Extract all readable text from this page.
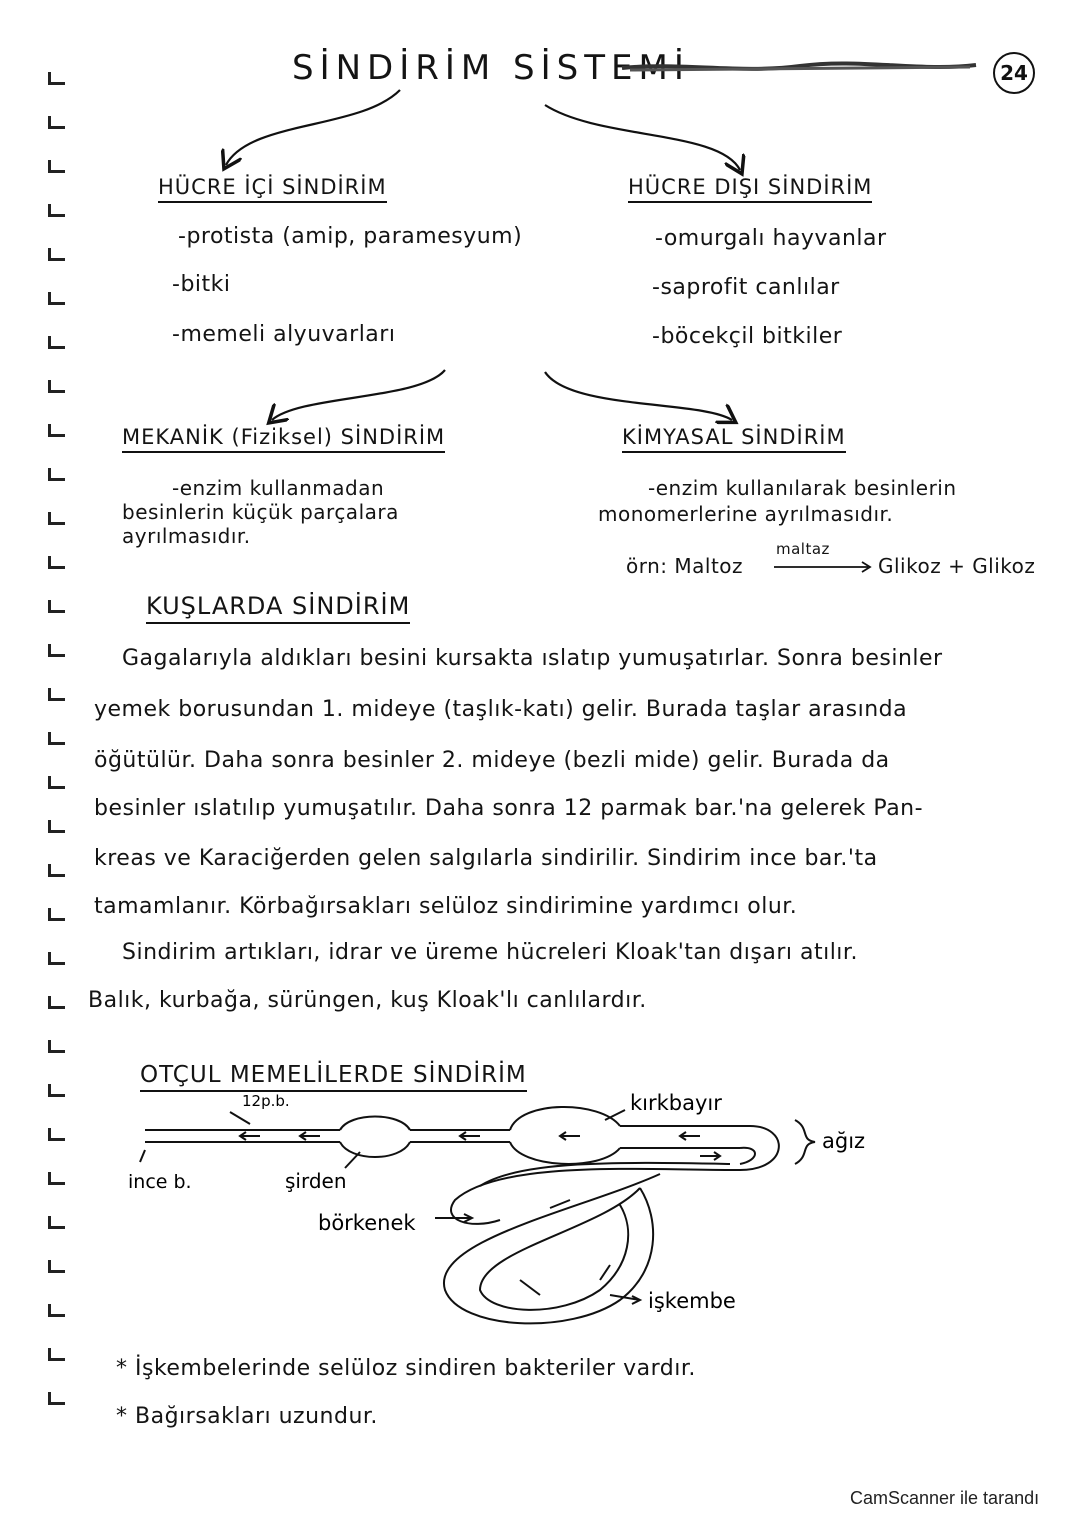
SİNDİRİM SİSTEMİ	24
HÜCRE İÇİ SİNDİRİM
-protista (amip, paramesyum)
-bitki
-memeli alyuvarları
HÜCRE DIŞI SİNDİRİM
-omurgalı hayvanlar
-saprofit canlılar
-böcekçil bitkiler
MEKANİK (Fiziksel) SİNDİRİM
-enzim kullanmadan
besinlerin küçük parçalara
ayrılmasıdır.
KİMYASAL SİNDİRİM
-enzim kullanılarak besinlerin
monomerlerine ayrılmasıdır.
örn: Maltoz
maltaz
Glikoz + Glikoz
KUŞLARDA SİNDİRİM
Gagalarıyla aldıkları besini kursakta ıslatıp yumuşatırlar. Sonra besinler
yemek borusundan 1. mideye (taşlık-katı) gelir. Burada taşlar arasında
öğütülür. Daha sonra besinler 2. mideye (bezli mide) gelir. Burada da
besinler ıslatılıp yumuşatılır. Daha sonra 12 parmak bar.'na gelerek Pan-
kreas ve Karaciğerden gelen salgılarla sindirilir. Sindirim ince bar.'ta
tamamlanır. Körbağırsakları selüloz sindirimine yardımcı olur.
Sindirim artıkları, idrar ve üreme hücreleri Kloak'tan dışarı atılır.
Balık, kurbağa, sürüngen, kuş Kloak'lı canlılardır.
OTÇUL MEMELİLERDE SİNDİRİM
12p.b.	kırkbayır
ağız
ince b.	şirden
börkenek
işkembe
* İşkembelerinde selüloz sindiren bakteriler vardır.
* Bağırsakları uzundur.
CamScanner ile tarandı
